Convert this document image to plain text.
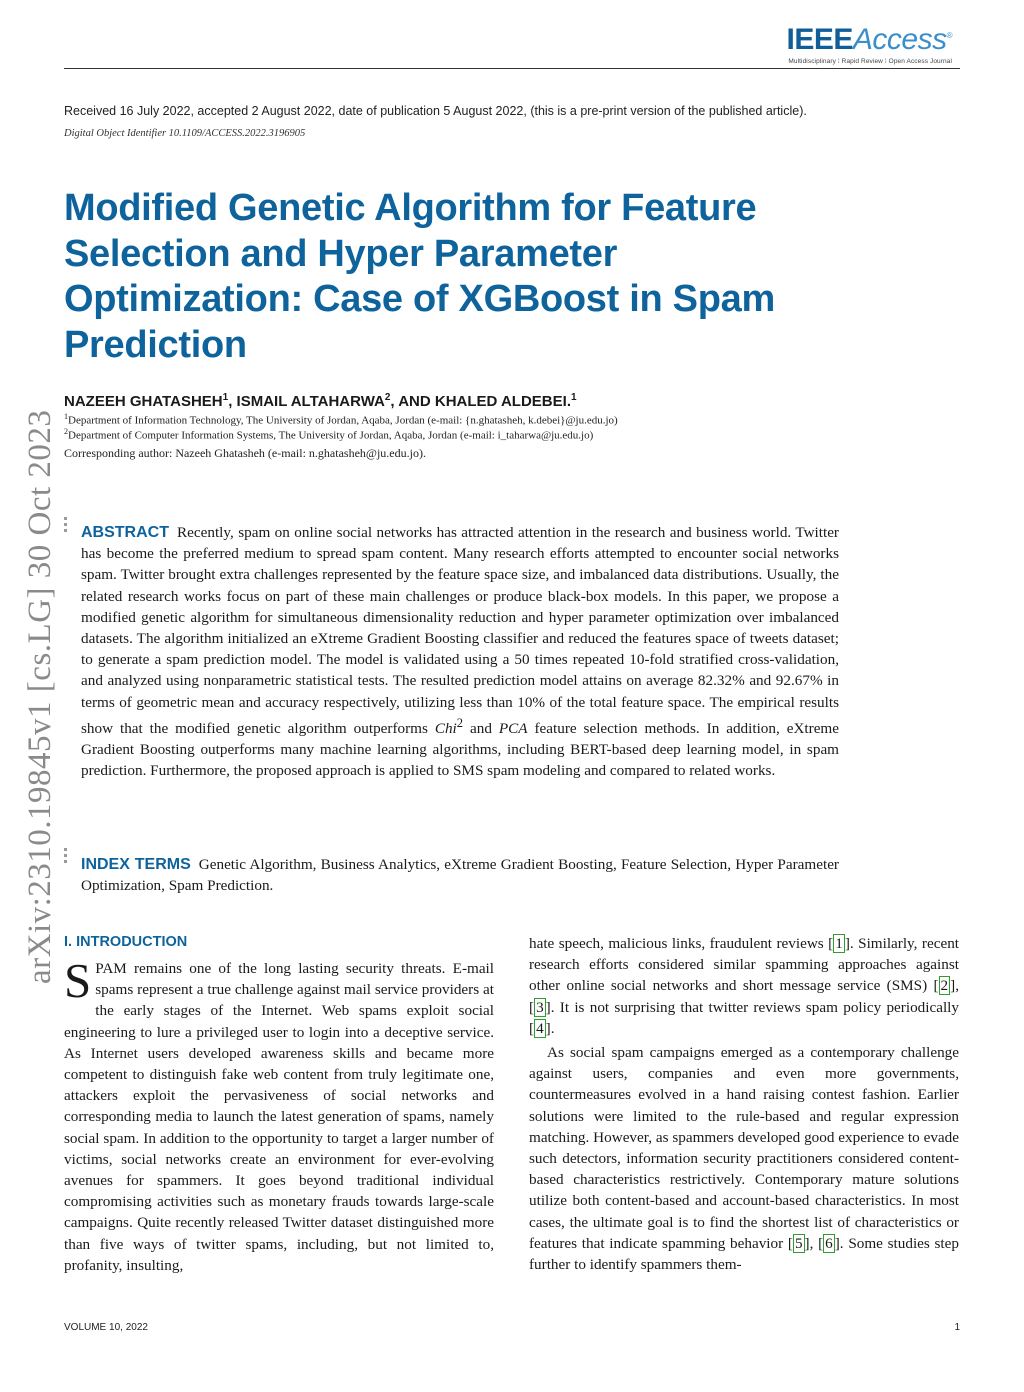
IEEEAccess®
Multidisciplinary ⁞ Rapid Review ⁞ Open Access Journal
Received 16 July 2022, accepted 2 August 2022, date of publication 5 August 2022, (this is a pre-print version of the published article).
Digital Object Identifier 10.1109/ACCESS.2022.3196905
Modified Genetic Algorithm for Feature Selection and Hyper Parameter Optimization: Case of XGBoost in Spam Prediction
NAZEEH GHATASHEH$^1$, ISMAIL ALTAHARWA$^2$, AND KHALED ALDEBEI.$^1$
$^1$Department of Information Technology, The University of Jordan, Aqaba, Jordan (e-mail: {n.ghatasheh, k.debei}@ju.edu.jo)
$^2$Department of Computer Information Systems, The University of Jordan, Aqaba, Jordan (e-mail: i_taharwa@ju.edu.jo)
Corresponding author: Nazeeh Ghatasheh (e-mail: n.ghatasheh@ju.edu.jo).
arXiv:2310.19845v1 [cs.LG] 30 Oct 2023 ABSTRACT Recently, spam on online social networks has attracted attention in the research and business world. Twitter has become the preferred medium to spread spam content. Many research efforts attempted to encounter social networks spam. Twitter brought extra challenges represented by the feature space size, and imbalanced data distributions. Usually, the related research works focus on part of these main challenges or produce black-box models. In this paper, we propose a modified genetic algorithm for simultaneous dimensionality reduction and hyper parameter optimization over imbalanced datasets. The algorithm initialized an eXtreme Gradient Boosting classifier and reduced the features space of tweets dataset; to generate a spam prediction model. The model is validated using a 50 times repeated 10-fold stratified cross-validation, and analyzed using nonparametric statistical tests. The resulted prediction model attains on average 82.32% and 92.67% in terms of geometric mean and accuracy respectively, utilizing less than 10% of the total feature space. The empirical results show that the modified genetic algorithm outperforms Chi$^2$ and PCA feature selection methods. In addition, eXtreme Gradient Boosting outperforms many machine learning algorithms, including BERT-based deep learning model, in spam prediction. Furthermore, the proposed approach is applied to SMS spam modeling and compared to related works.

INDEX TERMS Genetic Algorithm, Business Analytics, eXtreme Gradient Boosting, Feature Selection, Hyper Parameter Optimization, Spam Prediction.

I. INTRODUCTION

SPAM remains one of the long lasting security threats. E-mail spams represent a true challenge against mail service providers at the early stages of the Internet. Web spams exploit social engineering to lure a privileged user to login into a deceptive service. As Internet users developed awareness skills and became more competent to distinguish fake web content from truly legitimate one, attackers exploit the pervasiveness of social networks and corresponding media to launch the latest generation of spams, namely social spam. In addition to the opportunity to target a larger number of victims, social networks create an environment for ever-evolving avenues for spammers. It goes beyond traditional individual compromising activities such as monetary frauds towards large-scale campaigns. Quite recently released Twitter dataset distinguished more than five ways of twitter spams, including, but not limited to, profanity, insulting,

hate speech, malicious links, fraudulent reviews [ 1 ]. Similarly, recent research efforts considered similar spamming approaches against other online social networks and short message service (SMS) [ 2 ], [ 3 ]. It is not surprising that twitter reviews spam policy periodically [ 4 ].

As social spam campaigns emerged as a contemporary challenge against users, companies and even more governments, countermeasures evolved in a hand raising contest fashion. Earlier solutions were limited to the rule-based and regular expression matching. However, as spammers developed good experience to evade such detectors, information security practitioners considered content-based characteristics restrictively. Contemporary mature solutions utilize both content-based and account-based characteristics. In most cases, the ultimate goal is to find the shortest list of characteristics or features that indicate spamming behavior [ 5 ], [ 6 ]. Some studies step further to identify spammers them-

VOLUME 10, 2022	1
